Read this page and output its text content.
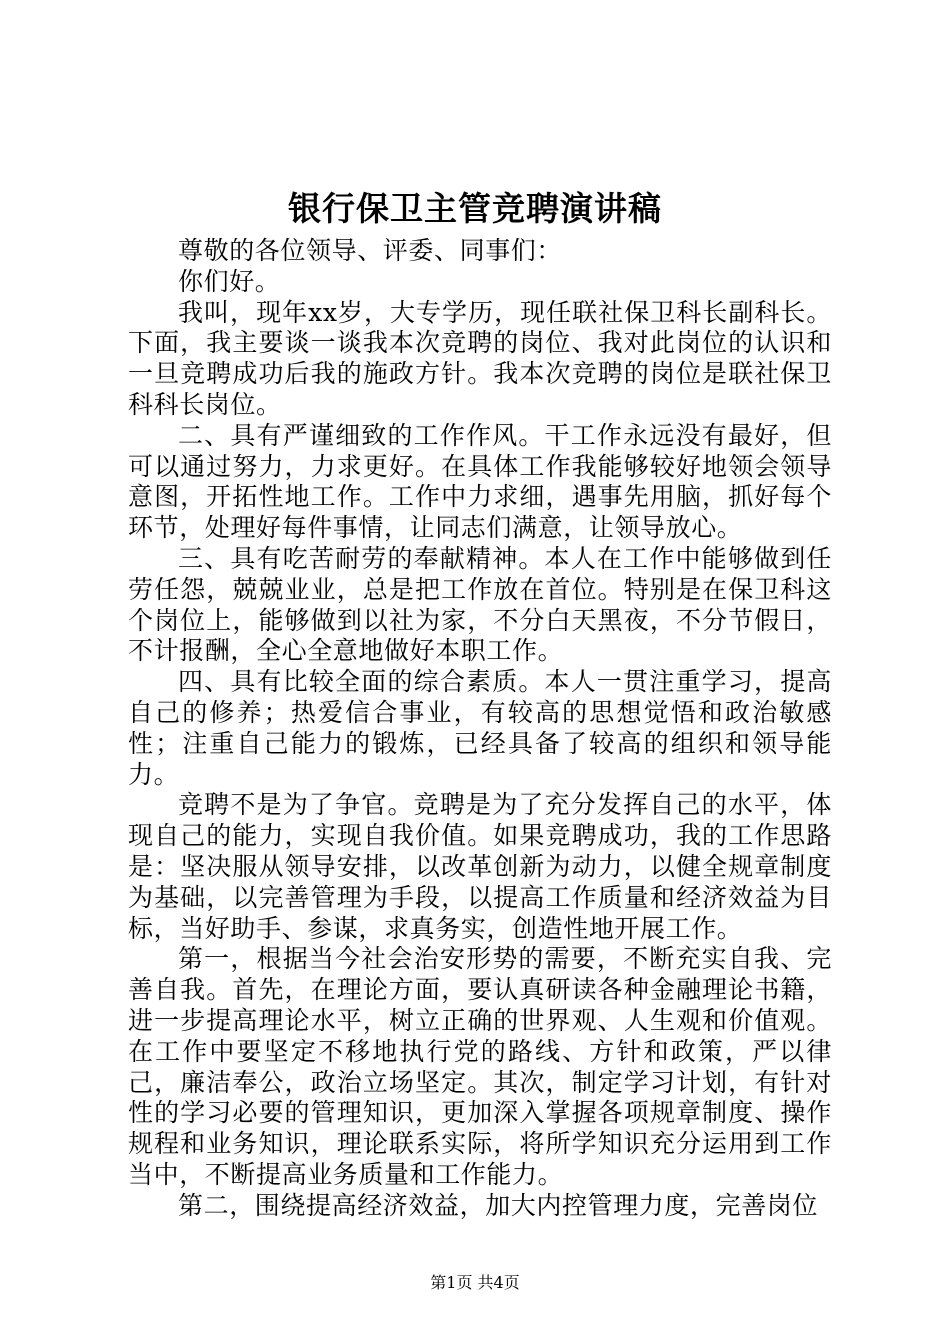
银行保卫主管竞聘演讲稿

尊敬的各位领导、评委、同事们：

你们好。

我叫，现年xx岁，大专学历，现任联社保卫科长副科长。下面，我主要谈一谈我本次竞聘的岗位、我对此岗位的认识和一旦竞聘成功后我的施政方针。我本次竞聘的岗位是联社保卫科科长岗位。

二、具有严谨细致的工作作风。干工作永远没有最好，但可以通过努力，力求更好。在具体工作我能够较好地领会领导意图，开拓性地工作。工作中力求细，遇事先用脑，抓好每个环节，处理好每件事情，让同志们满意，让领导放心。

三、具有吃苦耐劳的奉献精神。本人在工作中能够做到任劳任怨，兢兢业业，总是把工作放在首位。特别是在保卫科这个岗位上，能够做到以社为家，不分白天黑夜，不分节假日，不计报酬，全心全意地做好本职工作。

四、具有比较全面的综合素质。本人一贯注重学习，提高自己的修养；热爱信合事业，有较高的思想觉悟和政治敏感性；注重自己能力的锻炼，已经具备了较高的组织和领导能力。

竞聘不是为了争官。竞聘是为了充分发挥自己的水平，体现自己的能力，实现自我价值。如果竞聘成功，我的工作思路是：坚决服从领导安排，以改革创新为动力，以健全规章制度为基础，以完善管理为手段，以提高工作质量和经济效益为目标，当好助手、参谋，求真务实，创造性地开展工作。

第一，根据当今社会治安形势的需要，不断充实自我、完善自我。首先，在理论方面，要认真研读各种金融理论书籍，进一步提高理论水平，树立正确的世界观、人生观和价值观。在工作中要坚定不移地执行党的路线、方针和政策，严以律己，廉洁奉公，政治立场坚定。其次，制定学习计划，有针对性的学习必要的管理知识，更加深入掌握各项规章制度、操作规程和业务知识，理论联系实际，将所学知识充分运用到工作当中，不断提高业务质量和工作能力。

第二，围绕提高经济效益，加大内控管理力度，完善岗位

第1页 共4页
